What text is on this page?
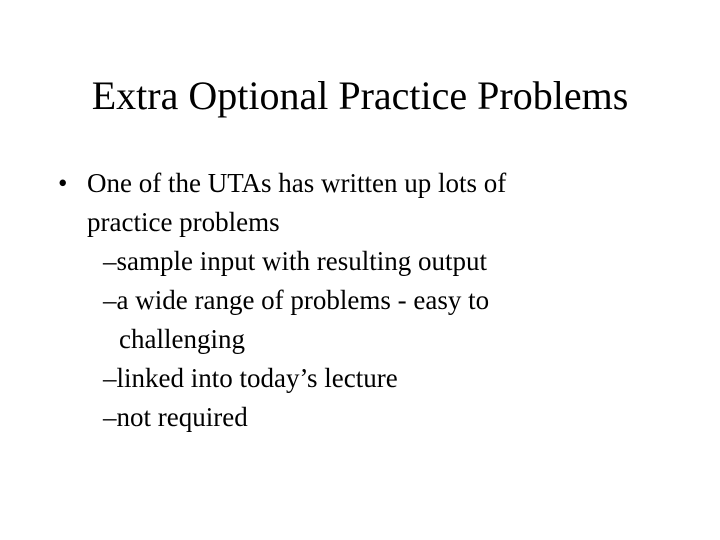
Extra Optional Practice Problems
• One of the UTAs has written up lots of
practice problems
–sample input with resulting output
–a wide range of problems - easy to
challenging
–linked into today’s lecture
–not required
